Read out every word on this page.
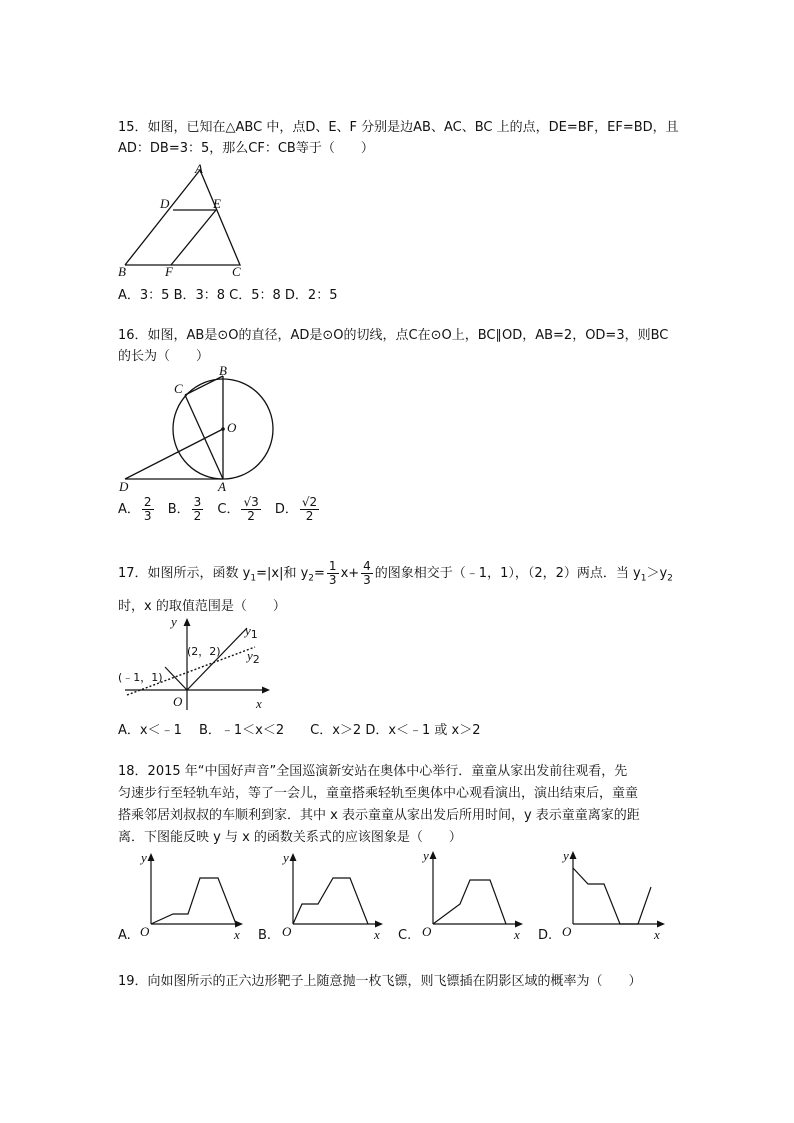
15．如图，已知在△ABC 中，点D、E、F 分别是边AB、AC、BC 上的点，DE=BF，EF=BD，且
AD：DB=3：5，那么CF：CB等于（　　）
A
D	E
B	F	C
A．3：5 B．3：8 C．5：8 D．2：5
16．如图，AB是⊙O的直径，AD是⊙O的切线，点C在⊙O上，BC∥OD，AB=2，OD=3，则BC
的长为（　　）
B
C
O
D	A
A． $\frac{2}{3}$ B． $\frac{3}{2}$ C． $\frac{√3}{2}$ D． $\frac{√2}{2}$
17．如图所示，函数 $y_1=|x|$和 $y_2= \frac{1}{3} x+ \frac{4}{3}$ 的图象相交于（﹣1，1），（2，2）两点．当 $y_1>y_2$
时，x 的取值范围是（　　）
y
x
O
$y_1$
$y_2$
(2，2)
(﹣1，1)
A．x＜﹣1　 B．﹣1＜x＜2　　C．x＞2 D．x＜﹣1 或 x＞2
18．2015 年“中国好声音”全国巡演新安站在奥体中心举行．童童从家出发前往观看，先
匀速步行至轻轨车站，等了一会儿，童童搭乘轻轨至奥体中心观看演出，演出结束后，童童
搭乘邻居刘叔叔的车顺利到家．其中 x 表示童童从家出发后所用时间，y 表示童童离家的距
离．下图能反映 y 与 x 的函数关系式的应该图象是（　　）
A. O
y
x B. O
y
x C. O
y
x D. O
y
x
19．向如图所示的正六边形靶子上随意抛一枚飞镖，则飞镖插在阴影区域的概率为（　　）
